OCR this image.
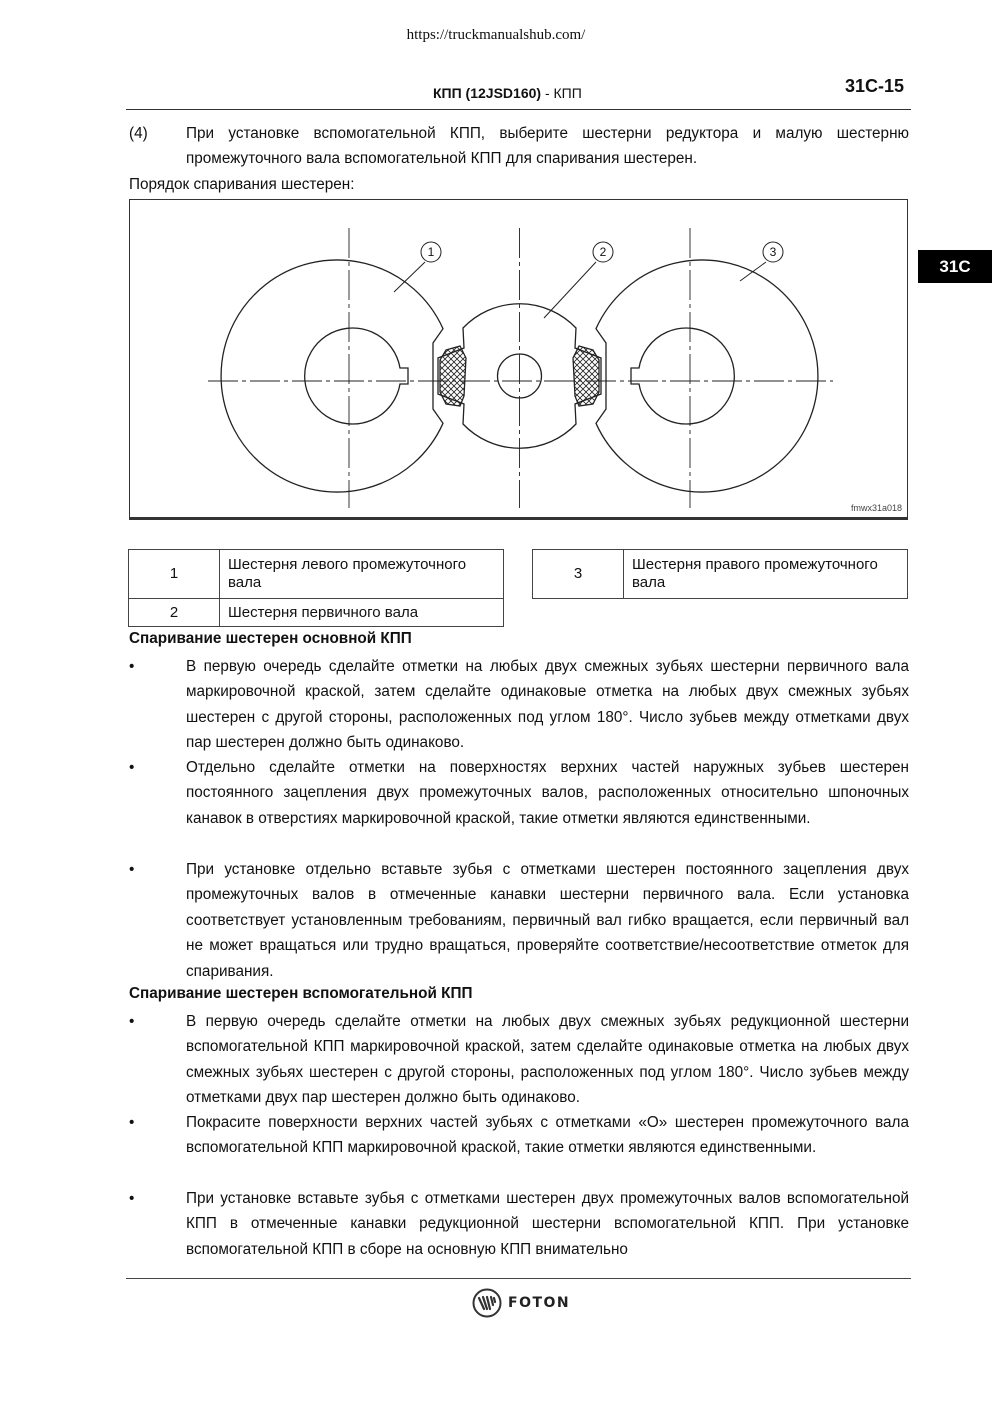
https://truckmanualshub.com/
КПП (12JSD160) - КПП	31С-15
31C
(4)	При установке вспомогательной КПП, выберите шестерни редуктора и малую шестерню промежуточного вала вспомогательной КПП для спаривания шестерен.
Порядок спаривания шестерен:
1	2	3
fmwx31a018
1	Шестерня левого промежуточного вала
2	Шестерня первичного вала
3	Шестерня правого промежуточного вала
Спаривание шестерен основной КПП
•	В первую очередь сделайте отметки на любых двух смежных зубьях шестерни первичного вала маркировочной краской, затем сделайте одинаковые отметка на любых двух смежных зубьях шестерен с другой стороны, расположенных под углом 180°. Число зубьев между отметками двух пар шестерен должно быть одинаково.
•	Отдельно сделайте отметки на поверхностях верхних частей наружных зубьев шестерен постоянного зацепления двух промежуточных валов, расположенных относительно шпоночных канавок в отверстиях маркировочной краской, такие отметки являются единственными.
•	При установке отдельно вставьте зубья с отметками шестерен постоянного зацепления двух промежуточных валов в отмеченные канавки шестерни первичного вала. Если установка соответствует установленным требованиям, первичный вал гибко вращается, если первичный вал не может вращаться или трудно вращаться, проверяйте соответствие/несоответствие отметок для спаривания.
Спаривание шестерен вспомогательной КПП
•	В первую очередь сделайте отметки на любых двух смежных зубьях редукционной шестерни вспомогательной КПП маркировочной краской, затем сделайте одинаковые отметка на любых двух смежных зубьях шестерен с другой стороны, расположенных под углом 180°. Число зубьев между отметками двух пар шестерен должно быть одинаково.
•	Покрасите поверхности верхних частей зубьях с отметками «О» шестерен промежуточного вала вспомогательной КПП маркировочной краской, такие отметки являются единственными.
•	При установке вставьте зубья с отметками шестерен двух промежуточных валов вспомогательной КПП в отмеченные канавки редукционной шестерни вспомогательной КПП. При установке вспомогательной КПП в сборе на основную КПП внимательно
FOTON
